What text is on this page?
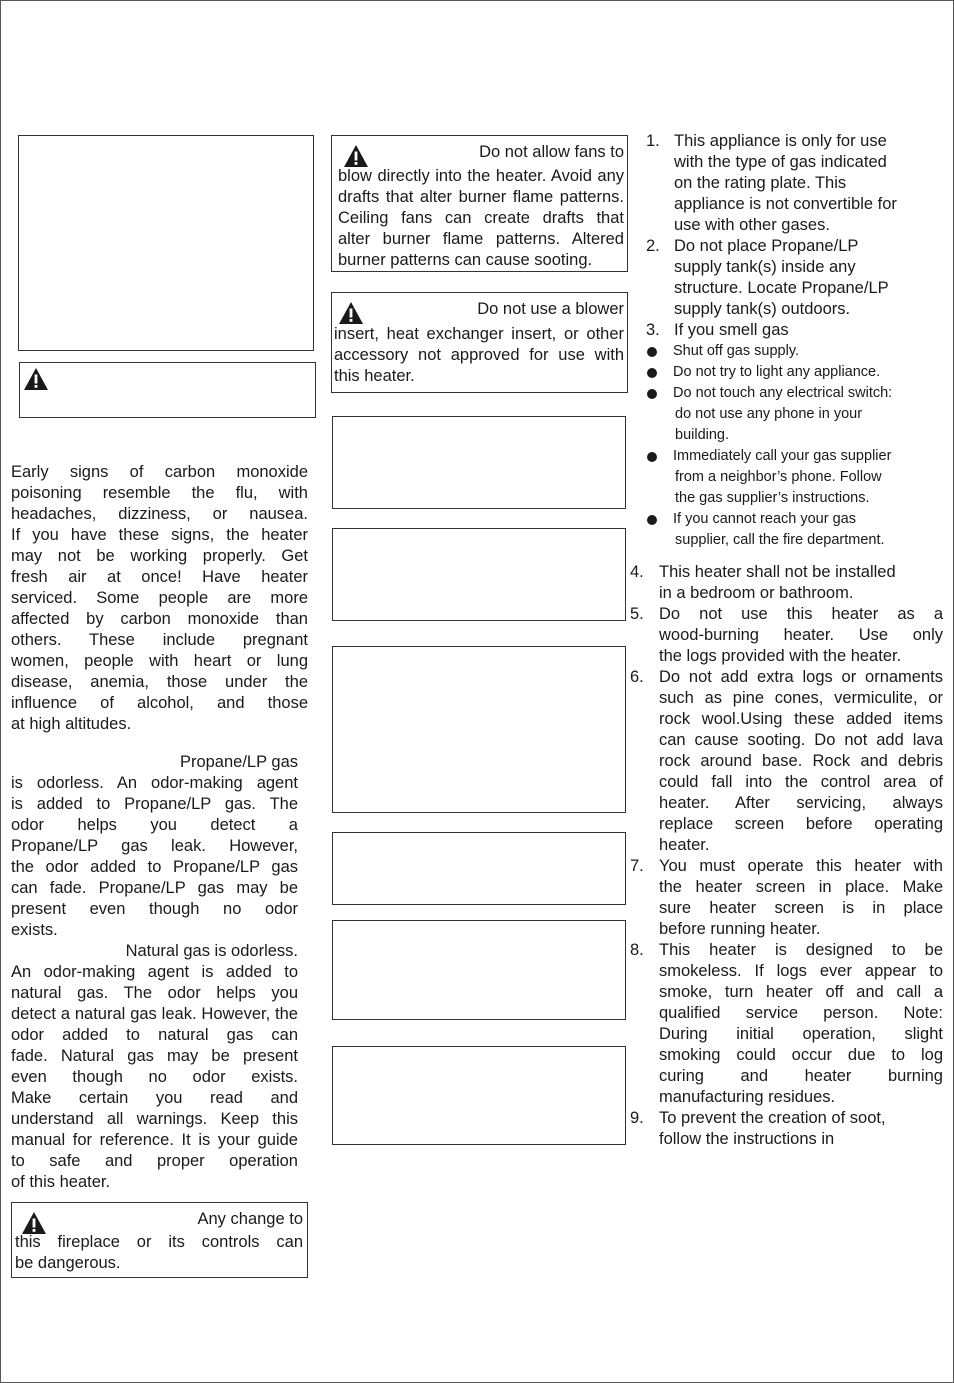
Early signs of carbon monoxide
poisoning resemble the flu, with
headaches, dizziness, or nausea.
If you have these signs, the heater
may not be working properly. Get
fresh air at once! Have heater
serviced. Some people are more
affected by carbon monoxide than
others. These include pregnant
women, people with heart or lung
disease, anemia, those under the
influence of alcohol, and those
at high altitudes.
Propane/LP gas
is odorless. An odor-making agent
is added to Propane/LP gas. The
odor helps you detect a
Propane/LP gas leak. However,
the odor added to Propane/LP gas
can fade. Propane/LP gas may be
present even though no odor
exists.
Natural gas is odorless.
An odor-making agent is added to
natural gas. The odor helps you
detect a natural gas leak. However, the
odor added to natural gas can
fade. Natural gas may be present
even though no odor exists.
Make certain you read and
understand all warnings. Keep this
manual for reference. It is your guide
to safe and proper operation
of this heater.
Any change to
this fireplace or its controls can
be dangerous.
Do not allow fans to
blow directly into the heater. Avoid any
drafts that alter burner flame patterns.
Ceiling fans can create drafts that
alter burner flame patterns. Altered
burner patterns can cause sooting.
Do not use a blower
insert, heat exchanger insert, or other
accessory not approved for use with
this heater.
1. This appliance is only for use
with the type of gas indicated
on the rating plate. This
appliance is not convertible for
use with other gases.
2. Do not place Propane/LP
supply tank(s) inside any
structure. Locate Propane/LP
supply tank(s) outdoors.
3. If you smell gas
Shut off gas supply.
Do not try to light any appliance.
Do not touch any electrical switch:
do not use any phone in your
building.
Immediately call your gas supplier
from a neighbor’s phone. Follow
the gas supplier’s instructions.
If you cannot reach your gas
supplier, call the fire department.
4. This heater shall not be installed
in a bedroom or bathroom.
5. Do not use this heater as a
wood-burning heater. Use only
the logs provided with the heater.
6. Do not add extra logs or ornaments
such as pine cones, vermiculite, or
rock wool.Using these added items
can cause sooting. Do not add lava
rock around base. Rock and debris
could fall into the control area of
heater. After servicing, always
replace screen before operating
heater.
7. You must operate this heater with
the heater screen in place. Make
sure heater screen is in place
before running heater.
8. This heater is designed to be
smokeless. If logs ever appear to
smoke, turn heater off and call a
qualified service person. Note:
During initial operation, slight
smoking could occur due to log
curing and heater burning
manufacturing residues.
9. To prevent the creation of soot,
follow the instructions in
